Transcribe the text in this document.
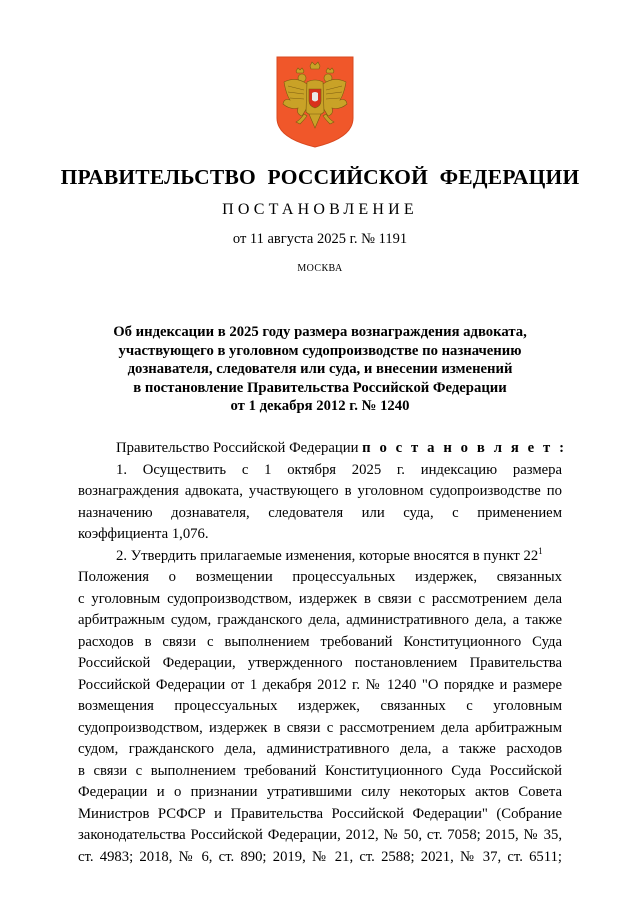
ПРАВИТЕЛЬСТВО РОССИЙСКОЙ ФЕДЕРАЦИИ
ПОСТАНОВЛЕНИЕ
от 11 августа 2025 г. № 1191
МОСКВА
Об индексации в 2025 году размера вознаграждения адвоката,
участвующего в уголовном судопроизводстве по назначению
дознавателя, следователя или суда, и внесении изменений
в постановление Правительства Российской Федерации
от 1 декабря 2012 г. № 1240
Правительство Российской Федерации п о с т а н о в л я е т :
1. Осуществить с 1 октября 2025 г. индексацию размера
вознаграждения адвоката, участвующего в уголовном судопроизводстве по
назначению дознавателя, следователя или суда, с применением
коэффициента 1,076.
2. Утвердить прилагаемые изменения, которые вносятся в пункт $22^1$
Положения о возмещении процессуальных издержек, связанных
с уголовным судопроизводством, издержек в связи с рассмотрением дела
арбитражным судом, гражданского дела, административного дела, а также
расходов в связи с выполнением требований Конституционного Суда
Российской Федерации, утвержденного постановлением Правительства
Российской Федерации от 1 декабря 2012 г. № 1240 "О порядке и размере
возмещения процессуальных издержек, связанных с уголовным
судопроизводством, издержек в связи с рассмотрением дела арбитражным
судом, гражданского дела, административного дела, а также расходов
в связи с выполнением требований Конституционного Суда Российской
Федерации и о признании утратившими силу некоторых актов Совета
Министров РСФСР и Правительства Российской Федерации" (Собрание
законодательства Российской Федерации, 2012, № 50, ст. 7058; 2015, № 35,
ст. 4983; 2018, № 6, ст. 890; 2019, № 21, ст. 2588; 2021, № 37, ст. 6511;
